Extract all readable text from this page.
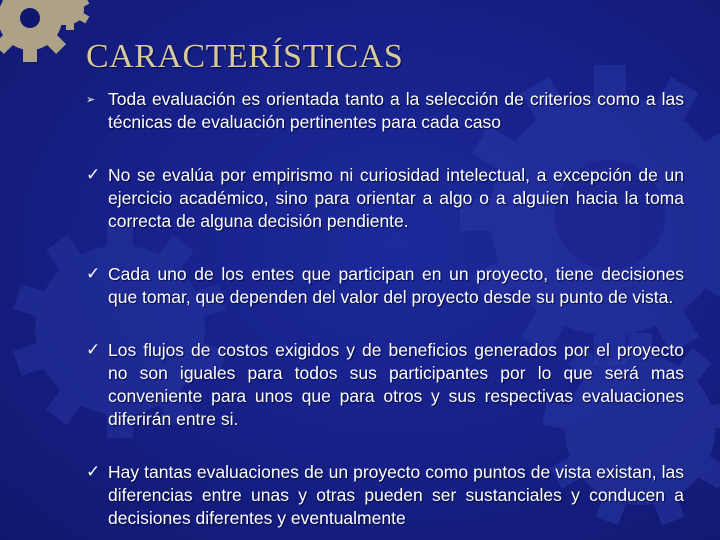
CARACTERÍSTICAS
➢ Toda evaluación es orientada tanto a la selección de criterios como a las técnicas de evaluación pertinentes para cada caso
✓ No se evalúa por empirismo ni curiosidad intelectual, a excepción de un ejercicio académico, sino para orientar a algo o a alguien hacia la toma correcta de alguna decisión pendiente.
✓ Cada uno de los entes que participan en un proyecto, tiene decisiones que tomar, que dependen del valor del proyecto desde su punto de vista.
✓ Los flujos de costos exigidos y de beneficios generados por el proyecto no son iguales para todos sus participantes por lo que será mas conveniente para unos que para otros y sus respectivas evaluaciones diferirán entre si.
✓ Hay tantas evaluaciones de un proyecto como puntos de vista existan, las diferencias entre unas y otras pueden ser sustanciales y conducen a decisiones diferentes y eventualmente
